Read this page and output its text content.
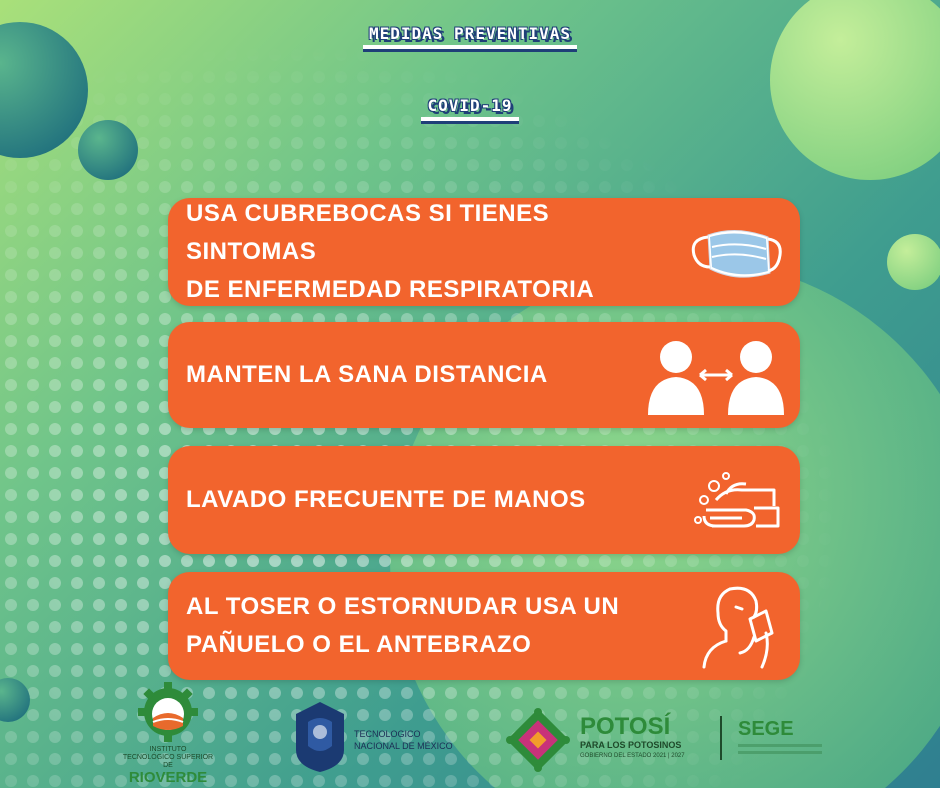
MEDIDAS PREVENTIVAS
COVID-19
USA CUBREBOCAS SI TIENES SINTOMAS
DE ENFERMEDAD RESPIRATORIA
MANTEN LA SANA DISTANCIA
LAVADO FRECUENTE DE MANOS
AL TOSER O ESTORNUDAR USA UN
PAÑUELO O EL ANTEBRAZO
INSTITUTO
TECNOLÓGICO SUPERIOR DE
RIOVERDE
TECNOLOGICO
NACIONAL DE MÉXICO
POTOSÍ
PARA LOS POTOSINOS
GOBIERNO DEL ESTADO 2021 | 2027
SEGE
